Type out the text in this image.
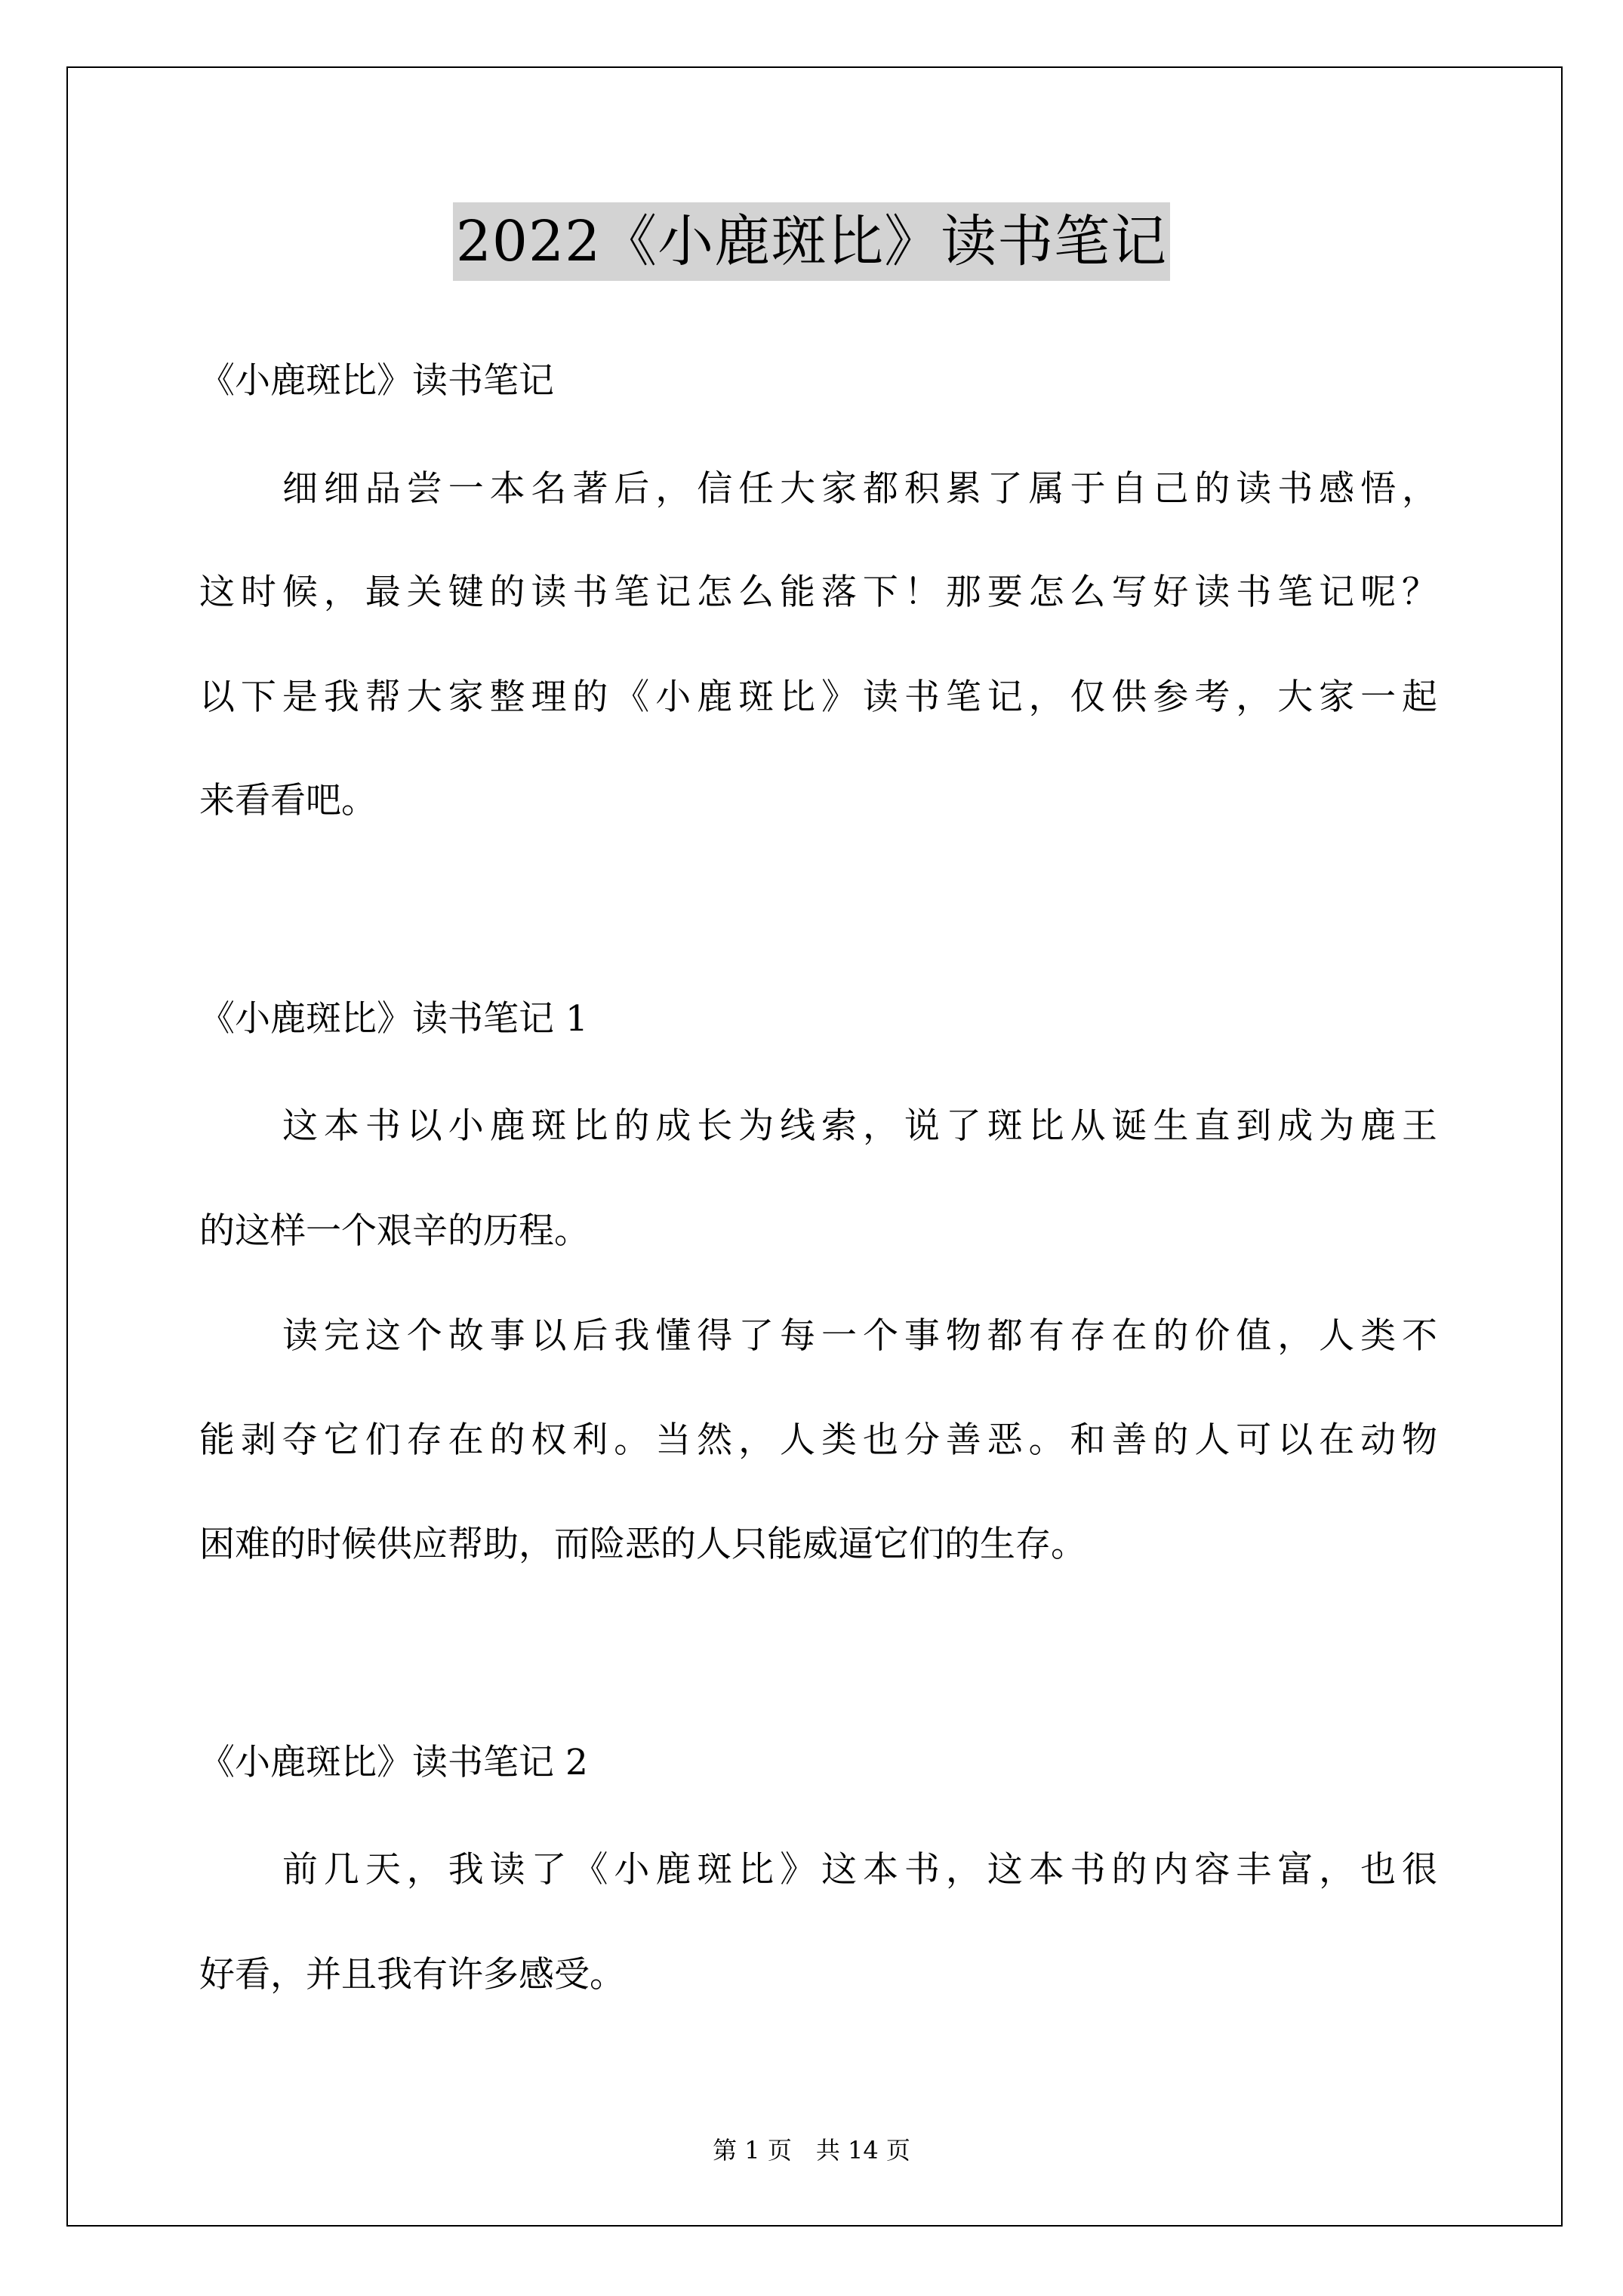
2022《小鹿斑比》读书笔记
《小鹿斑比》读书笔记
细细品尝一本名著后，信任大家都积累了属于自己的读书感悟，
这时候，最关键的读书笔记怎么能落下！那要怎么写好读书笔记呢？
以下是我帮大家整理的《小鹿斑比》读书笔记，仅供参考，大家一起
来看看吧。
《小鹿斑比》读书笔记 1
这本书以小鹿斑比的成长为线索，说了斑比从诞生直到成为鹿王
的这样一个艰辛的历程。
读完这个故事以后我懂得了每一个事物都有存在的价值，人类不
能剥夺它们存在的权利。当然，人类也分善恶。和善的人可以在动物
困难的时候供应帮助，而险恶的人只能威逼它们的生存。
《小鹿斑比》读书笔记 2
前几天，我读了《小鹿斑比》这本书，这本书的内容丰富，也很
好看，并且我有许多感受。
第 1 页　共 14 页
